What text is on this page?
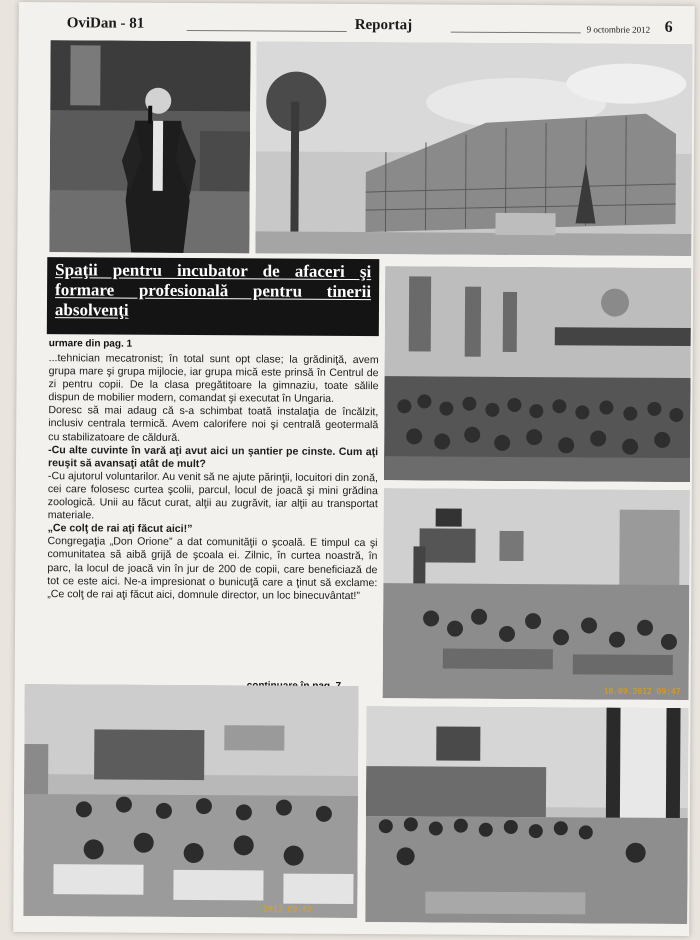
OviDan - 81	Reportaj	9 octombrie 2012 6
Spaţii pentru incubator de afaceri şi formare profesională pentru tinerii absolvenţi
urmare din pag. 1

...tehnician mecatronist; în total sunt opt clase; la grădiniţă, avem grupa mare şi grupa mijlocie, iar grupa mică este prinsă în Centrul de zi pentru copii. De la clasa pregătitoare la gimnaziu, toate sălile dispun de mobilier modern, comandat şi executat în Ungaria.

Doresc să mai adaug că s-a schimbat toată instalaţia de încălzit, inclusiv centrala termică. Avem calorifere noi şi centrală geotermală cu stabilizatoare de căldură.

-Cu alte cuvinte în vară aţi avut aici un şantier pe cinste. Cum aţi reuşit să avansaţi atât de mult?

-Cu ajutorul voluntarilor. Au venit să ne ajute părinţii, locuitori din zonă, cei care folosesc curtea şcolii, parcul, locul de joacă şi mini grădina zoologică. Unii au făcut curat, alţii au zugrăvit, iar alţii au transportat materiale.

„Ce colţ de rai aţi făcut aici!”

Congregaţia „Don Orione” a dat comunităţii o şcoală. E timpul ca şi comunitatea să aibă grijă de şcoala ei. Zilnic, în curtea noastră, în parc, la locul de joacă vin în jur de 200 de copii, care beneficiază de tot ce este aici. Ne-a impresionat o bunicuţă care a ţinut să exclame: „Ce colţ de rai aţi făcut aici, domnule director, un loc binecuvântat!”

18.09.2012 09:47
2012 09:43
